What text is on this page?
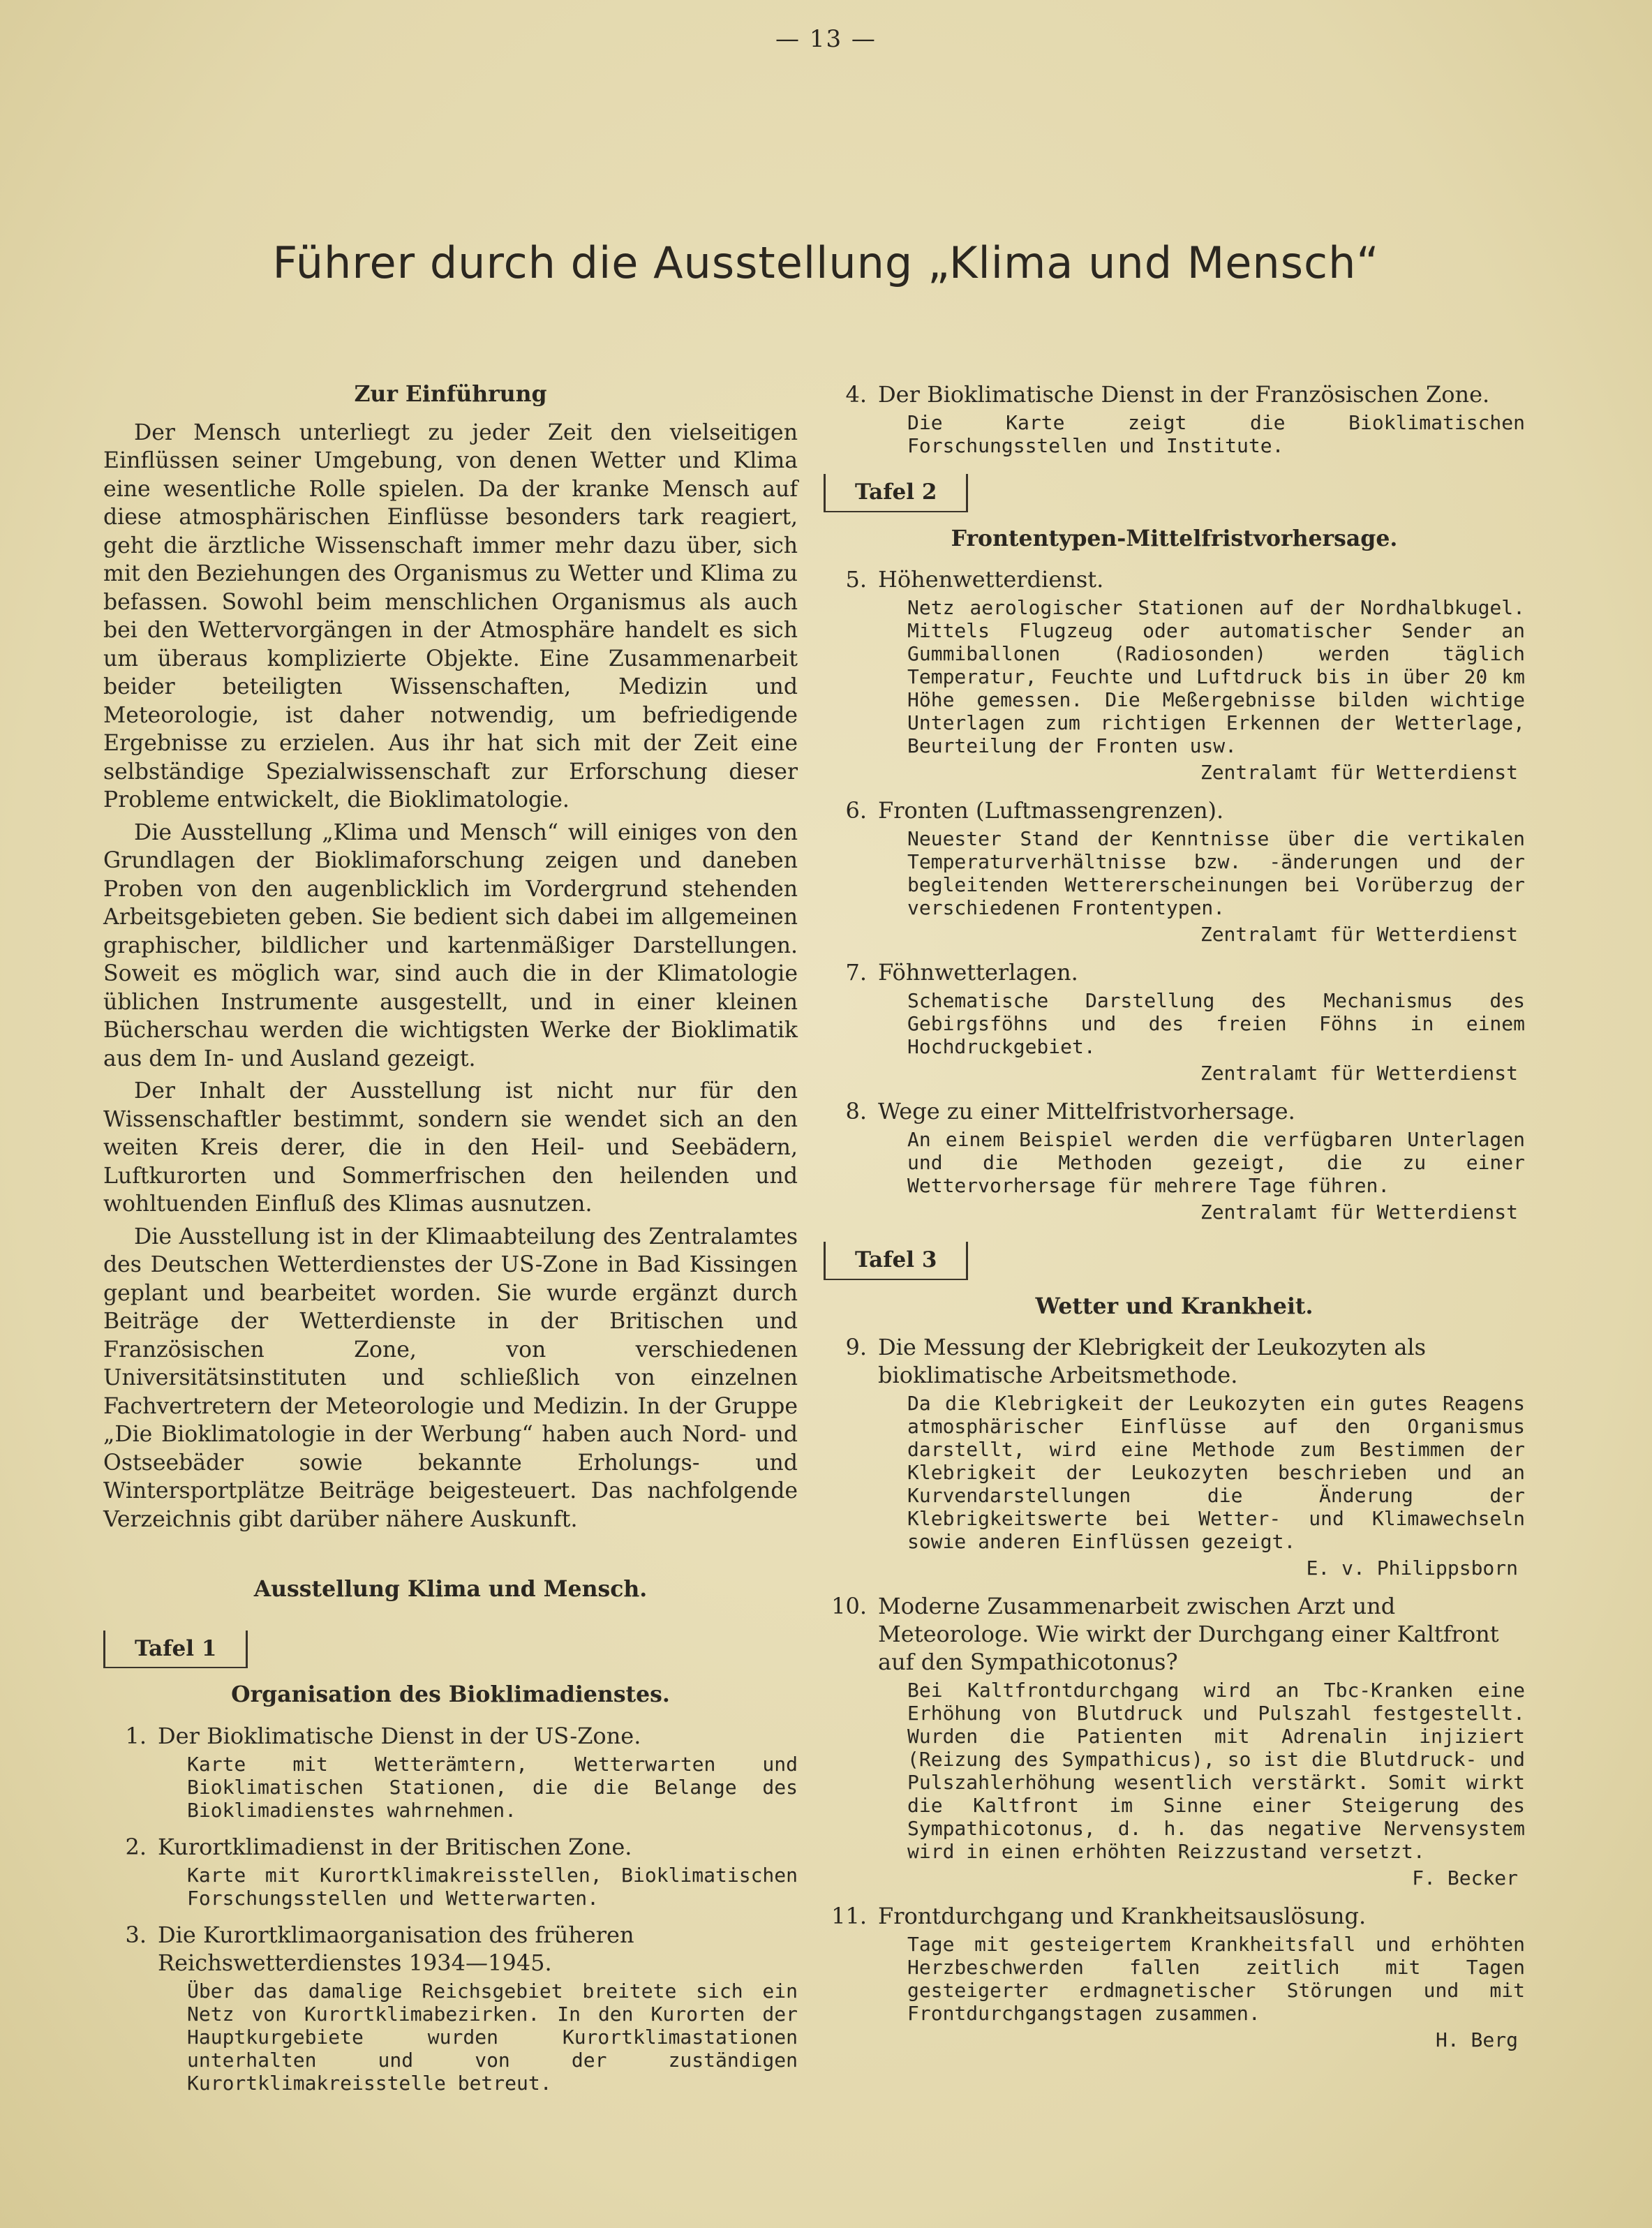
— 13 —
Führer durch die Ausstellung „Klima und Mensch“
Zur Einführung

Der Mensch unterliegt zu jeder Zeit den vielseitigen Einflüssen seiner Umgebung, von denen Wetter und Klima eine wesentliche Rolle spielen. Da der kranke Mensch auf diese atmosphärischen Einflüsse besonders tark reagiert, geht die ärztliche Wissenschaft immer mehr dazu über, sich mit den Beziehungen des Organismus zu Wetter und Klima zu befassen. Sowohl beim menschlichen Organismus als auch bei den Wettervorgängen in der Atmosphäre handelt es sich um überaus komplizierte Objekte. Eine Zusammenarbeit beider beteiligten Wissenschaften, Medizin und Meteorologie, ist daher notwendig, um befriedigende Ergebnisse zu erzielen. Aus ihr hat sich mit der Zeit eine selbständige Spezialwissenschaft zur Erforschung dieser Probleme entwickelt, die Bioklimatologie.

Die Ausstellung „Klima und Mensch“ will einiges von den Grundlagen der Bioklimaforschung zeigen und daneben Proben von den augenblicklich im Vordergrund stehenden Arbeitsgebieten geben. Sie bedient sich dabei im allgemeinen graphischer, bildlicher und kartenmäßiger Darstellungen. Soweit es möglich war, sind auch die in der Klimatologie üblichen Instrumente ausgestellt, und in einer kleinen Bücherschau werden die wichtigsten Werke der Bioklimatik aus dem In- und Ausland gezeigt.

Der Inhalt der Ausstellung ist nicht nur für den Wissenschaftler bestimmt, sondern sie wendet sich an den weiten Kreis derer, die in den Heil- und Seebädern, Luftkurorten und Sommerfrischen den heilenden und wohltuenden Einfluß des Klimas ausnutzen.

Die Ausstellung ist in der Klimaabteilung des Zentralamtes des Deutschen Wetterdienstes der US-Zone in Bad Kissingen geplant und bearbeitet worden. Sie wurde ergänzt durch Beiträge der Wetterdienste in der Britischen und Französischen Zone, von verschiedenen Universitätsinstituten und schließlich von einzelnen Fachvertretern der Meteorologie und Medizin. In der Gruppe „Die Bioklimatologie in der Werbung“ haben auch Nord- und Ostseebäder sowie bekannte Erholungs- und Wintersportplätze Beiträge beigesteuert. Das nachfolgende Verzeichnis gibt darüber nähere Auskunft.

Ausstellung Klima und Mensch.
Tafel 1
Organisation des Bioklimadienstes.
1. Der Bioklimatische Dienst in der US-Zone.
Karte mit Wetterämtern, Wetterwarten und Bioklimatischen Stationen, die die Belange des Bioklimadienstes wahrnehmen.
2. Kurortklimadienst in der Britischen Zone.
Karte mit Kurortklimakreisstellen, Bioklimatischen Forschungsstellen und Wetterwarten.
3. Die Kurortklimaorganisation des früheren Reichswetterdienstes 1934—1945.
Über das damalige Reichsgebiet breitete sich ein Netz von Kurortklimabezirken. In den Kurorten der Hauptkurgebiete wurden Kurortklimastationen unterhalten und von der zuständigen Kurortklimakreisstelle betreut.
4. Der Bioklimatische Dienst in der Französischen Zone.
Die Karte zeigt die Bioklimatischen Forschungsstellen und Institute.
Tafel 2
Frontentypen-Mittelfristvorhersage.
5. Höhenwetterdienst.
Netz aerologischer Stationen auf der Nordhalbkugel. Mittels Flugzeug oder automatischer Sender an Gummiballonen (Radiosonden) werden täglich Temperatur, Feuchte und Luftdruck bis in über 20 km Höhe gemessen. Die Meßergebnisse bilden wichtige Unterlagen zum richtigen Erkennen der Wetterlage, Beurteilung der Fronten usw.
Zentralamt für Wetterdienst
6. Fronten (Luftmassengrenzen).
Neuester Stand der Kenntnisse über die vertikalen Temperaturverhältnisse bzw. -änderungen und der begleitenden Wettererscheinungen bei Vorüberzug der verschiedenen Frontentypen.
Zentralamt für Wetterdienst
7. Föhnwetterlagen.
Schematische Darstellung des Mechanismus des Gebirgsföhns und des freien Föhns in einem Hochdruckgebiet.
Zentralamt für Wetterdienst
8. Wege zu einer Mittelfristvorhersage.
An einem Beispiel werden die verfügbaren Unterlagen und die Methoden gezeigt, die zu einer Wettervorhersage für mehrere Tage führen.
Zentralamt für Wetterdienst
Tafel 3
Wetter und Krankheit.
9. Die Messung der Klebrigkeit der Leukozyten als bioklimatische Arbeitsmethode.
Da die Klebrigkeit der Leukozyten ein gutes Reagens atmosphärischer Einflüsse auf den Organismus darstellt, wird eine Methode zum Bestimmen der Klebrigkeit der Leukozyten beschrieben und an Kurvendarstellungen die Änderung der Klebrigkeitswerte bei Wetter- und Klimawechseln sowie anderen Einflüssen gezeigt.
E. v. Philippsborn
10. Moderne Zusammenarbeit zwischen Arzt und Meteorologe. Wie wirkt der Durchgang einer Kaltfront auf den Sympathicotonus?
Bei Kaltfrontdurchgang wird an Tbc-Kranken eine Erhöhung von Blutdruck und Pulszahl festgestellt. Wurden die Patienten mit Adrenalin injiziert (Reizung des Sympathicus), so ist die Blutdruck- und Pulszahlerhöhung wesentlich verstärkt. Somit wirkt die Kaltfront im Sinne einer Steigerung des Sympathicotonus, d. h. das negative Nervensystem wird in einen erhöhten Reizzustand versetzt.
F. Becker
11. Frontdurchgang und Krankheitsauslösung.
Tage mit gesteigertem Krankheitsfall und erhöhten Herzbeschwerden fallen zeitlich mit Tagen gesteigerter erdmagnetischer Störungen und mit Frontdurchgangstagen zusammen.
H. Berg
